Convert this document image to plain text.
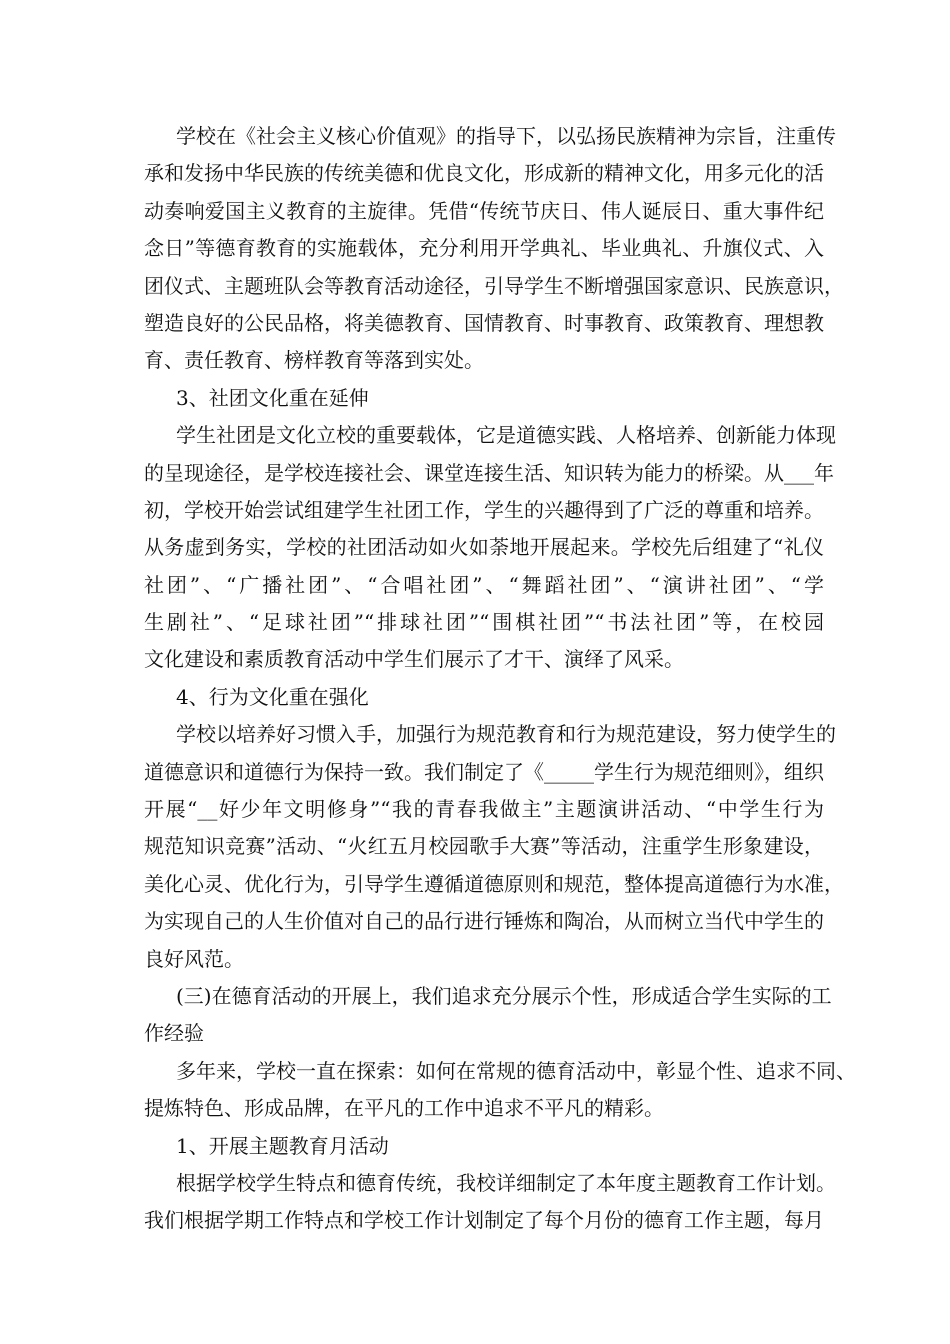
学校在《社会主义核心价值观》的指导下，以弘扬民族精神为宗旨，注重传
承和发扬中华民族的传统美德和优良文化，形成新的精神文化，用多元化的活
动奏响爱国主义教育的主旋律。凭借“传统节庆日、伟人诞辰日、重大事件纪
念日”等德育教育的实施载体，充分利用开学典礼、毕业典礼、升旗仪式、入
团仪式、主题班队会等教育活动途径，引导学生不断增强国家意识、民族意识，
塑造良好的公民品格，将美德教育、国情教育、时事教育、政策教育、理想教
育、责任教育、榜样教育等落到实处。
3、社团文化重在延伸
学生社团是文化立校的重要载体，它是道德实践、人格培养、创新能力体现
的呈现途径，是学校连接社会、课堂连接生活、知识转为能力的桥梁。从___年
初，学校开始尝试组建学生社团工作，学生的兴趣得到了广泛的尊重和培养。
从务虚到务实，学校的社团活动如火如荼地开展起来。学校先后组建了“礼仪
社团”、“广播社团”、“合唱社团”、“舞蹈社团”、“演讲社团”、“学
生剧社”、“足球社团”“排球社团”“围棋社团”“书法社团”等，在校园
文化建设和素质教育活动中学生们展示了才干、演绎了风采。
4、行为文化重在强化
学校以培养好习惯入手，加强行为规范教育和行为规范建设，努力使学生的
道德意识和道德行为保持一致。我们制定了《_____学生行为规范细则》，组织
开展“__好少年文明修身”“我的青春我做主”主题演讲活动、“中学生行为
规范知识竞赛”活动、“火红五月校园歌手大赛”等活动，注重学生形象建设，
美化心灵、优化行为，引导学生遵循道德原则和规范，整体提高道德行为水准，
为实现自己的人生价值对自己的品行进行锤炼和陶冶，从而树立当代中学生的
良好风范。
(三)在德育活动的开展上，我们追求充分展示个性，形成适合学生实际的工
作经验
多年来，学校一直在探索：如何在常规的德育活动中，彰显个性、追求不同、
提炼特色、形成品牌，在平凡的工作中追求不平凡的精彩。
1、开展主题教育月活动
根据学校学生特点和德育传统，我校详细制定了本年度主题教育工作计划。
我们根据学期工作特点和学校工作计划制定了每个月份的德育工作主题，每月
